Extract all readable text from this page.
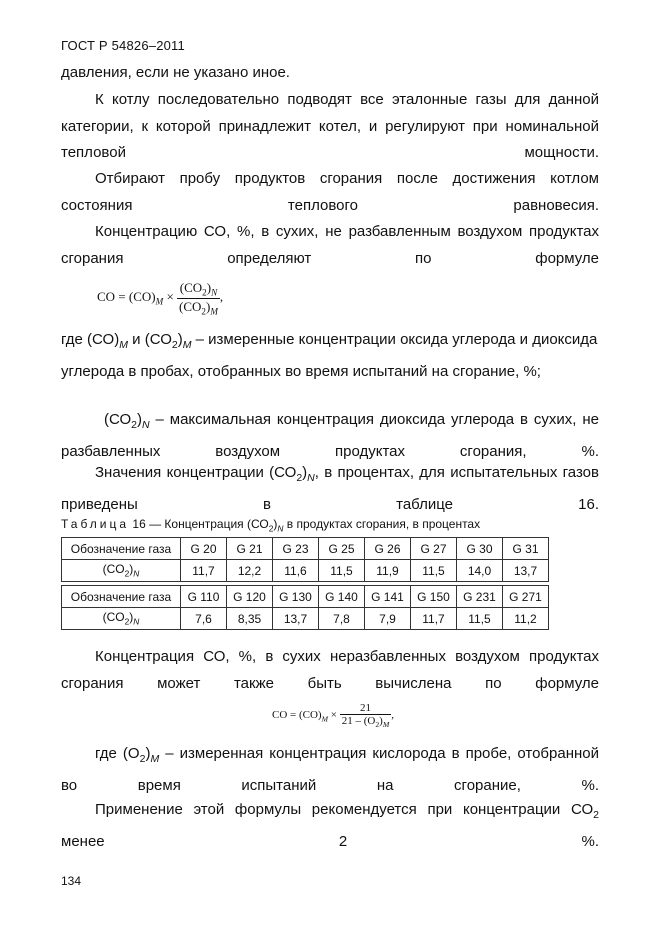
ГОСТ Р 54826–2011
давления, если не указано иное.
К котлу последовательно подводят все эталонные газы для данной категории, к которой принадлежит котел, и регулируют при номинальной тепловой мощности.
Отбирают пробу продуктов сгорания после достижения котлом состояния теплового равновесия.
Концентрацию СО, %, в сухих, не разбавленным воздухом продуктах сгорания определяют по формуле
CO = $(CO)_M \times \frac{(CO_2)_N}{(CO_2)_M}$ ,
где $(СО)_М$ и $(СО_2)_М$ – измеренные концентрации оксида углерода и диоксида углерода в пробах, отобранных во время испытаний на сгорание, %;
$(СО_2)_N$ – максимальная концентрация диоксида углерода в сухих, не разбавленных воздухом продуктах сгорания, %.
Значения концентрации $(СО_2)_N$, в процентах, для испытательных газов приведены в таблице 16.
Таблица 16 — Концентрация $(СО_2)_N$ в продуктах сгорания, в процентах
Обозначение газа	G 20	G 21	G 23	G 25	G 26	G 27	G 30	G 31
$(CO_2)_N$	11,7	12,2	11,6	11,5	11,9	11,5	14,0	13,7
Обозначение газа	G 110	G 120	G 130	G 140	G 141	G 150	G 231	G 271
$(CO_2)_N$	7,6	8,35	13,7	7,8	7,9	11,7	11,5	11,2
Концентрация СО, %, в сухих неразбавленных воздухом продуктах сгорания может также быть вычислена по формуле
CO = $(CO)_M \times \frac{21}{21 - (O_2)_M}$ ,
где $(О_2)_М$ – измеренная концентрация кислорода в пробе, отобранной во время испытаний на сгорание, %.
Применение этой формулы рекомендуется при концентрации $СО_2$ менее 2 %.
134
